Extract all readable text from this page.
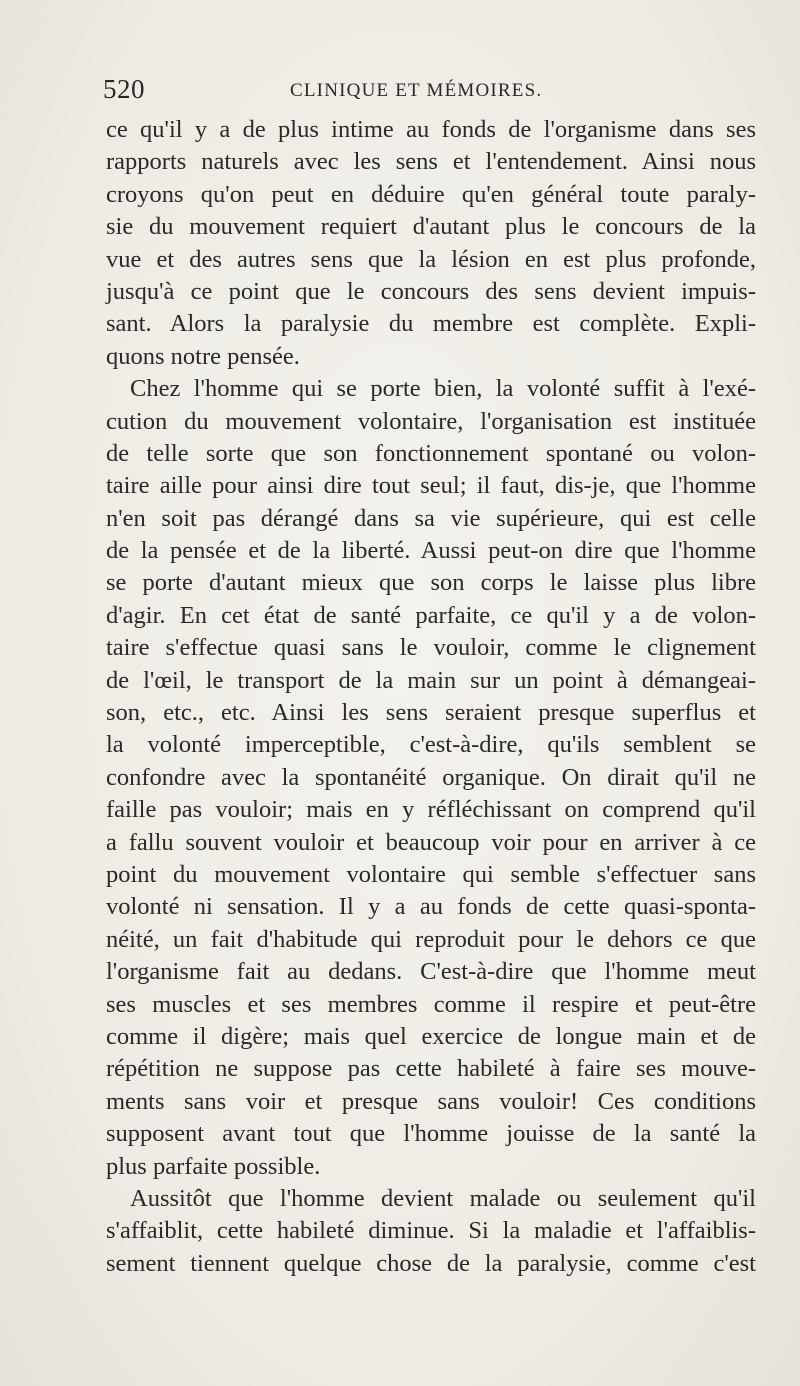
520	CLINIQUE ET MÉMOIRES.
ce qu'il y a de plus intime au fonds de l'organisme dans ses
rapports naturels avec les sens et l'entendement. Ainsi nous
croyons qu'on peut en déduire qu'en général toute paraly-
sie du mouvement requiert d'autant plus le concours de la
vue et des autres sens que la lésion en est plus profonde,
jusqu'à ce point que le concours des sens devient impuis-
sant. Alors la paralysie du membre est complète. Expli-
quons notre pensée.
Chez l'homme qui se porte bien, la volonté suffit à l'exé-
cution du mouvement volontaire, l'organisation est instituée
de telle sorte que son fonctionnement spontané ou volon-
taire aille pour ainsi dire tout seul; il faut, dis-je, que l'homme
n'en soit pas dérangé dans sa vie supérieure, qui est celle
de la pensée et de la liberté. Aussi peut-on dire que l'homme
se porte d'autant mieux que son corps le laisse plus libre
d'agir. En cet état de santé parfaite, ce qu'il y a de volon-
taire s'effectue quasi sans le vouloir, comme le clignement
de l'œil, le transport de la main sur un point à démangeai-
son, etc., etc. Ainsi les sens seraient presque superflus et
la volonté imperceptible, c'est-à-dire, qu'ils semblent se
confondre avec la spontanéité organique. On dirait qu'il ne
faille pas vouloir; mais en y réfléchissant on comprend qu'il
a fallu souvent vouloir et beaucoup voir pour en arriver à ce
point du mouvement volontaire qui semble s'effectuer sans
volonté ni sensation. Il y a au fonds de cette quasi-sponta-
néité, un fait d'habitude qui reproduit pour le dehors ce que
l'organisme fait au dedans. C'est-à-dire que l'homme meut
ses muscles et ses membres comme il respire et peut-être
comme il digère; mais quel exercice de longue main et de
répétition ne suppose pas cette habileté à faire ses mouve-
ments sans voir et presque sans vouloir! Ces conditions
supposent avant tout que l'homme jouisse de la santé la
plus parfaite possible.
Aussitôt que l'homme devient malade ou seulement qu'il
s'affaiblit, cette habileté diminue. Si la maladie et l'affaiblis-
sement tiennent quelque chose de la paralysie, comme c'est
